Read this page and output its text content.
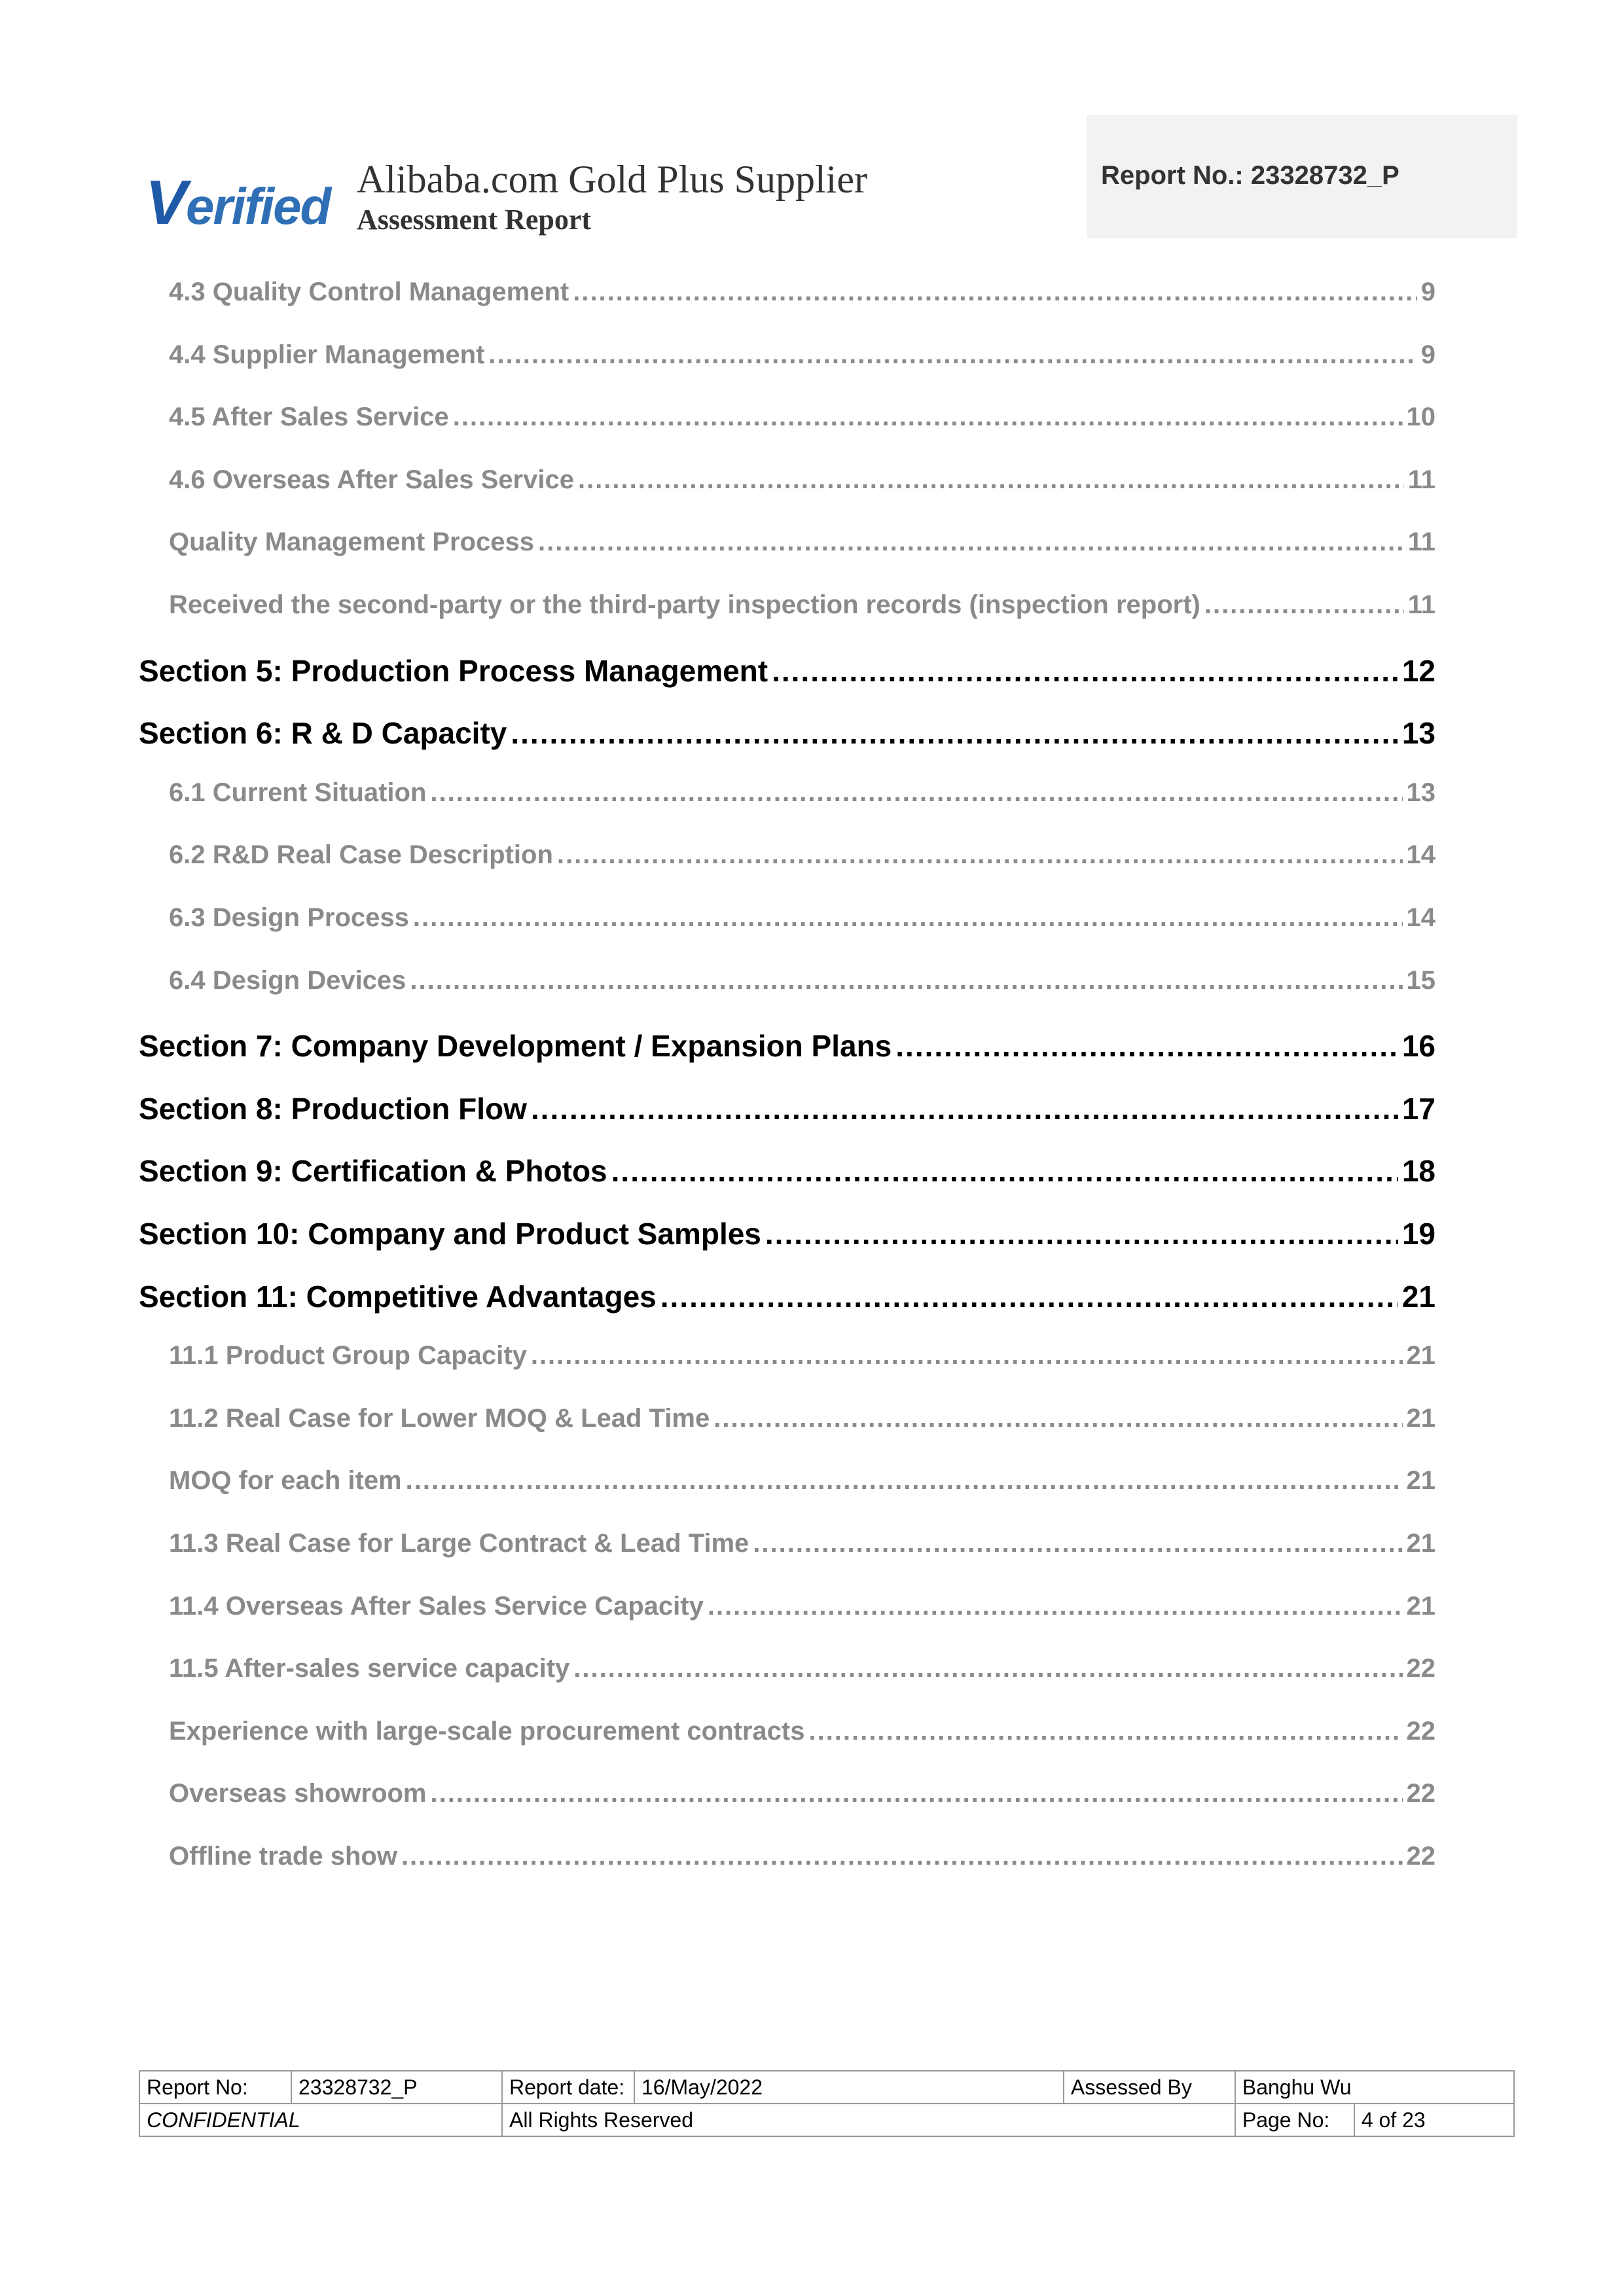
Verified Alibaba.com Gold Plus Supplier
Assessment Report
Report No.: 23328732_P
4.3 Quality Control Management .....	9
4.4 Supplier Management .....	9
4.5 After Sales Service .....	10
4.6 Overseas After Sales Service .....	11
Quality Management Process .....	11
Received the second-party or the third-party inspection records (inspection report) .....	11
Section 5: Production Process Management .....	12
Section 6: R & D Capacity .....	13
6.1 Current Situation .....	13
6.2 R&D Real Case Description .....	14
6.3 Design Process .....	14
6.4 Design Devices .....	15
Section 7: Company Development / Expansion Plans .....	16
Section 8: Production Flow .....	17
Section 9: Certification & Photos .....	18
Section 10: Company and Product Samples .....	19
Section 11: Competitive Advantages .....	21
11.1 Product Group Capacity .....	21
11.2 Real Case for Lower MOQ & Lead Time .....	21
MOQ for each item .....	21
11.3 Real Case for Large Contract & Lead Time .....	21
11.4 Overseas After Sales Service Capacity .....	21
11.5 After-sales service capacity .....	22
Experience with large-scale procurement contracts .....	22
Overseas showroom .....	22
Offline trade show .....	22
Report No:	23328732_P	Report date:	16/May/2022	Assessed By	Banghu Wu	
CONFIDENTIAL		All Rights Reserved			Page No:	4 of 23
